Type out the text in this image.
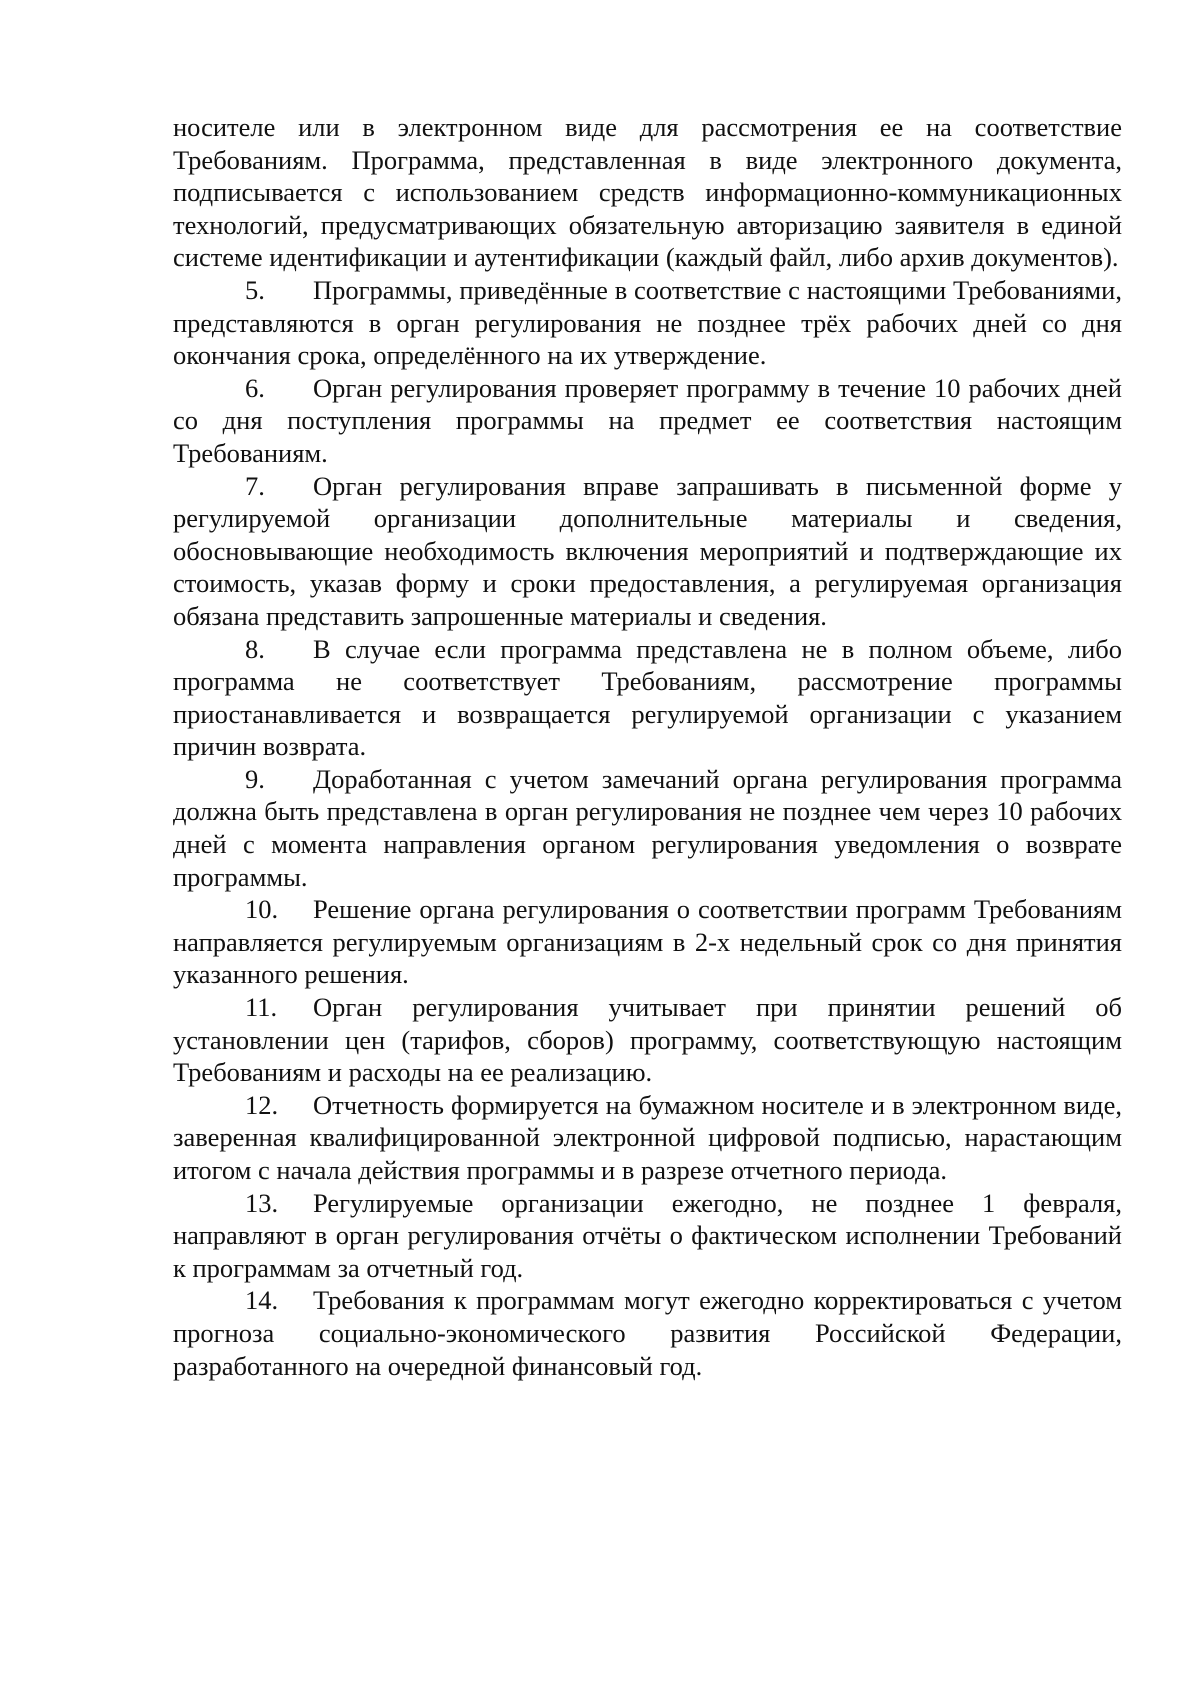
носителе или в электронном виде для рассмотрения ее на соответствие Требованиям. Программа, представленная в виде электронного документа, подписывается с использованием средств информационно-коммуникационных технологий, предусматривающих обязательную авторизацию заявителя в единой системе идентификации и аутентификации (каждый файл, либо архив документов).

5. Программы, приведённые в соответствие с настоящими Требованиями, представляются в орган регулирования не позднее трёх рабочих дней со дня окончания срока, определённого на их утверждение.

6. Орган регулирования проверяет программу в течение 10 рабочих дней со дня поступления программы на предмет ее соответствия настоящим Требованиям.

7. Орган регулирования вправе запрашивать в письменной форме у регулируемой организации дополнительные материалы и сведения, обосновывающие необходимость включения мероприятий и подтверждающие их стоимость, указав форму и сроки предоставления, а регулируемая организация обязана представить запрошенные материалы и сведения.

8. В случае если программа представлена не в полном объеме, либо программа не соответствует Требованиям, рассмотрение программы приостанавливается и возвращается регулируемой организации с указанием причин возврата.

9. Доработанная с учетом замечаний органа регулирования программа должна быть представлена в орган регулирования не позднее чем через 10 рабочих дней с момента направления органом регулирования уведомления о возврате программы.

10. Решение органа регулирования о соответствии программ Требованиям направляется регулируемым организациям в 2-х недельный срок со дня принятия указанного решения.

11. Орган регулирования учитывает при принятии решений об установлении цен (тарифов, сборов) программу, соответствующую настоящим Требованиям и расходы на ее реализацию.

12. Отчетность формируется на бумажном носителе и в электронном виде, заверенная квалифицированной электронной цифровой подписью, нарастающим итогом с начала действия программы и в разрезе отчетного периода.

13. Регулируемые организации ежегодно, не позднее 1 февраля, направляют в орган регулирования отчёты о фактическом исполнении Требований к программам за отчетный год.

14. Требования к программам могут ежегодно корректироваться с учетом прогноза социально-экономического развития Российской Федерации, разработанного на очередной финансовый год.
